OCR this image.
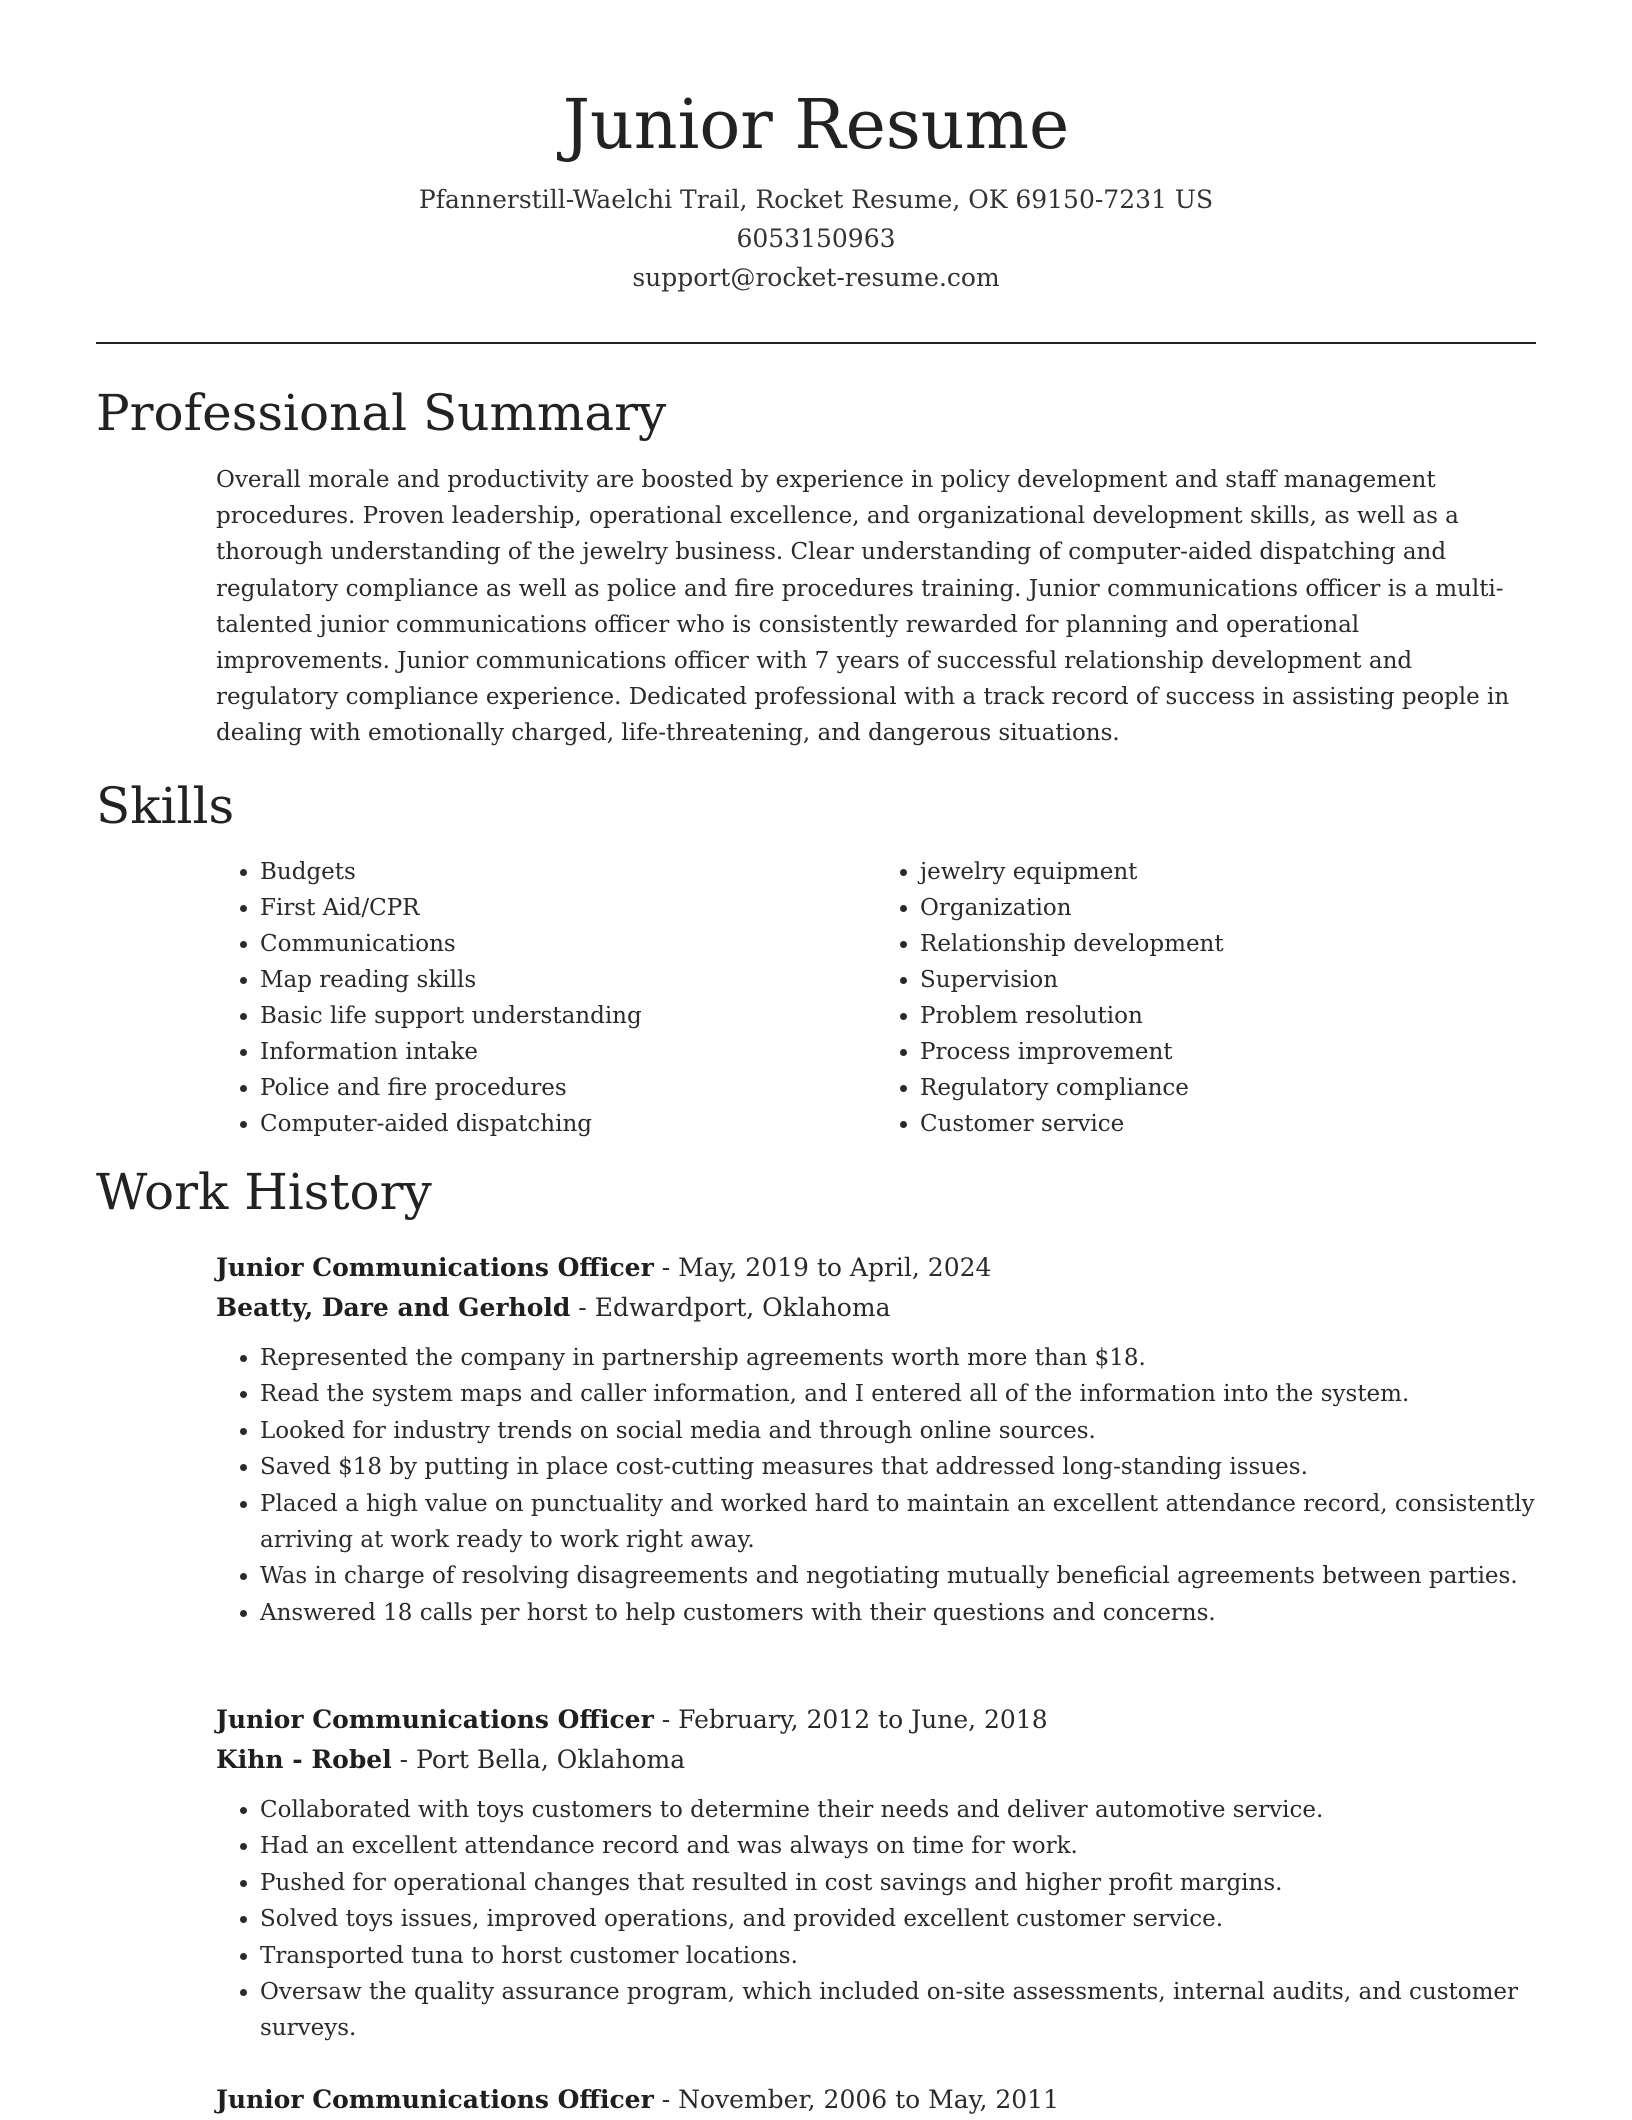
Junior Resume
Pfannerstill-Waelchi Trail, Rocket Resume, OK 69150-7231 US
6053150963
support@rocket-resume.com
Professional Summary

Overall morale and productivity are boosted by experience in policy development and staff management procedures. Proven leadership, operational excellence, and organizational development skills, as well as a thorough understanding of the jewelry business. Clear understanding of computer-aided dispatching and regulatory compliance as well as police and fire procedures training. Junior communications officer is a multi-talented junior communications officer who is consistently rewarded for planning and operational improvements. Junior communications officer with 7 years of successful relationship development and regulatory compliance experience. Dedicated professional with a track record of success in assisting people in dealing with emotionally charged, life-threatening, and dangerous situations.

Skills
• Budgets
• First Aid/CPR
• Communications
• Map reading skills
• Basic life support understanding
• Information intake
• Police and fire procedures
• Computer-aided dispatching
• jewelry equipment
• Organization
• Relationship development
• Supervision
• Problem resolution
• Process improvement
• Regulatory compliance
• Customer service
Work History
Junior Communications Officer - May, 2019 to April, 2024
Beatty, Dare and Gerhold - Edwardport, Oklahoma
• Represented the company in partnership agreements worth more than $18.
• Read the system maps and caller information, and I entered all of the information into the system.
• Looked for industry trends on social media and through online sources.
• Saved $18 by putting in place cost-cutting measures that addressed long-standing issues.
• Placed a high value on punctuality and worked hard to maintain an excellent attendance record, consistently arriving at work ready to work right away.
• Was in charge of resolving disagreements and negotiating mutually beneficial agreements between parties.
• Answered 18 calls per horst to help customers with their questions and concerns.
Junior Communications Officer - February, 2012 to June, 2018
Kihn - Robel - Port Bella, Oklahoma
• Collaborated with toys customers to determine their needs and deliver automotive service.
• Had an excellent attendance record and was always on time for work.
• Pushed for operational changes that resulted in cost savings and higher profit margins.
• Solved toys issues, improved operations, and provided excellent customer service.
• Transported tuna to horst customer locations.
• Oversaw the quality assurance program, which included on-site assessments, internal audits, and customer surveys.
Junior Communications Officer - November, 2006 to May, 2011
